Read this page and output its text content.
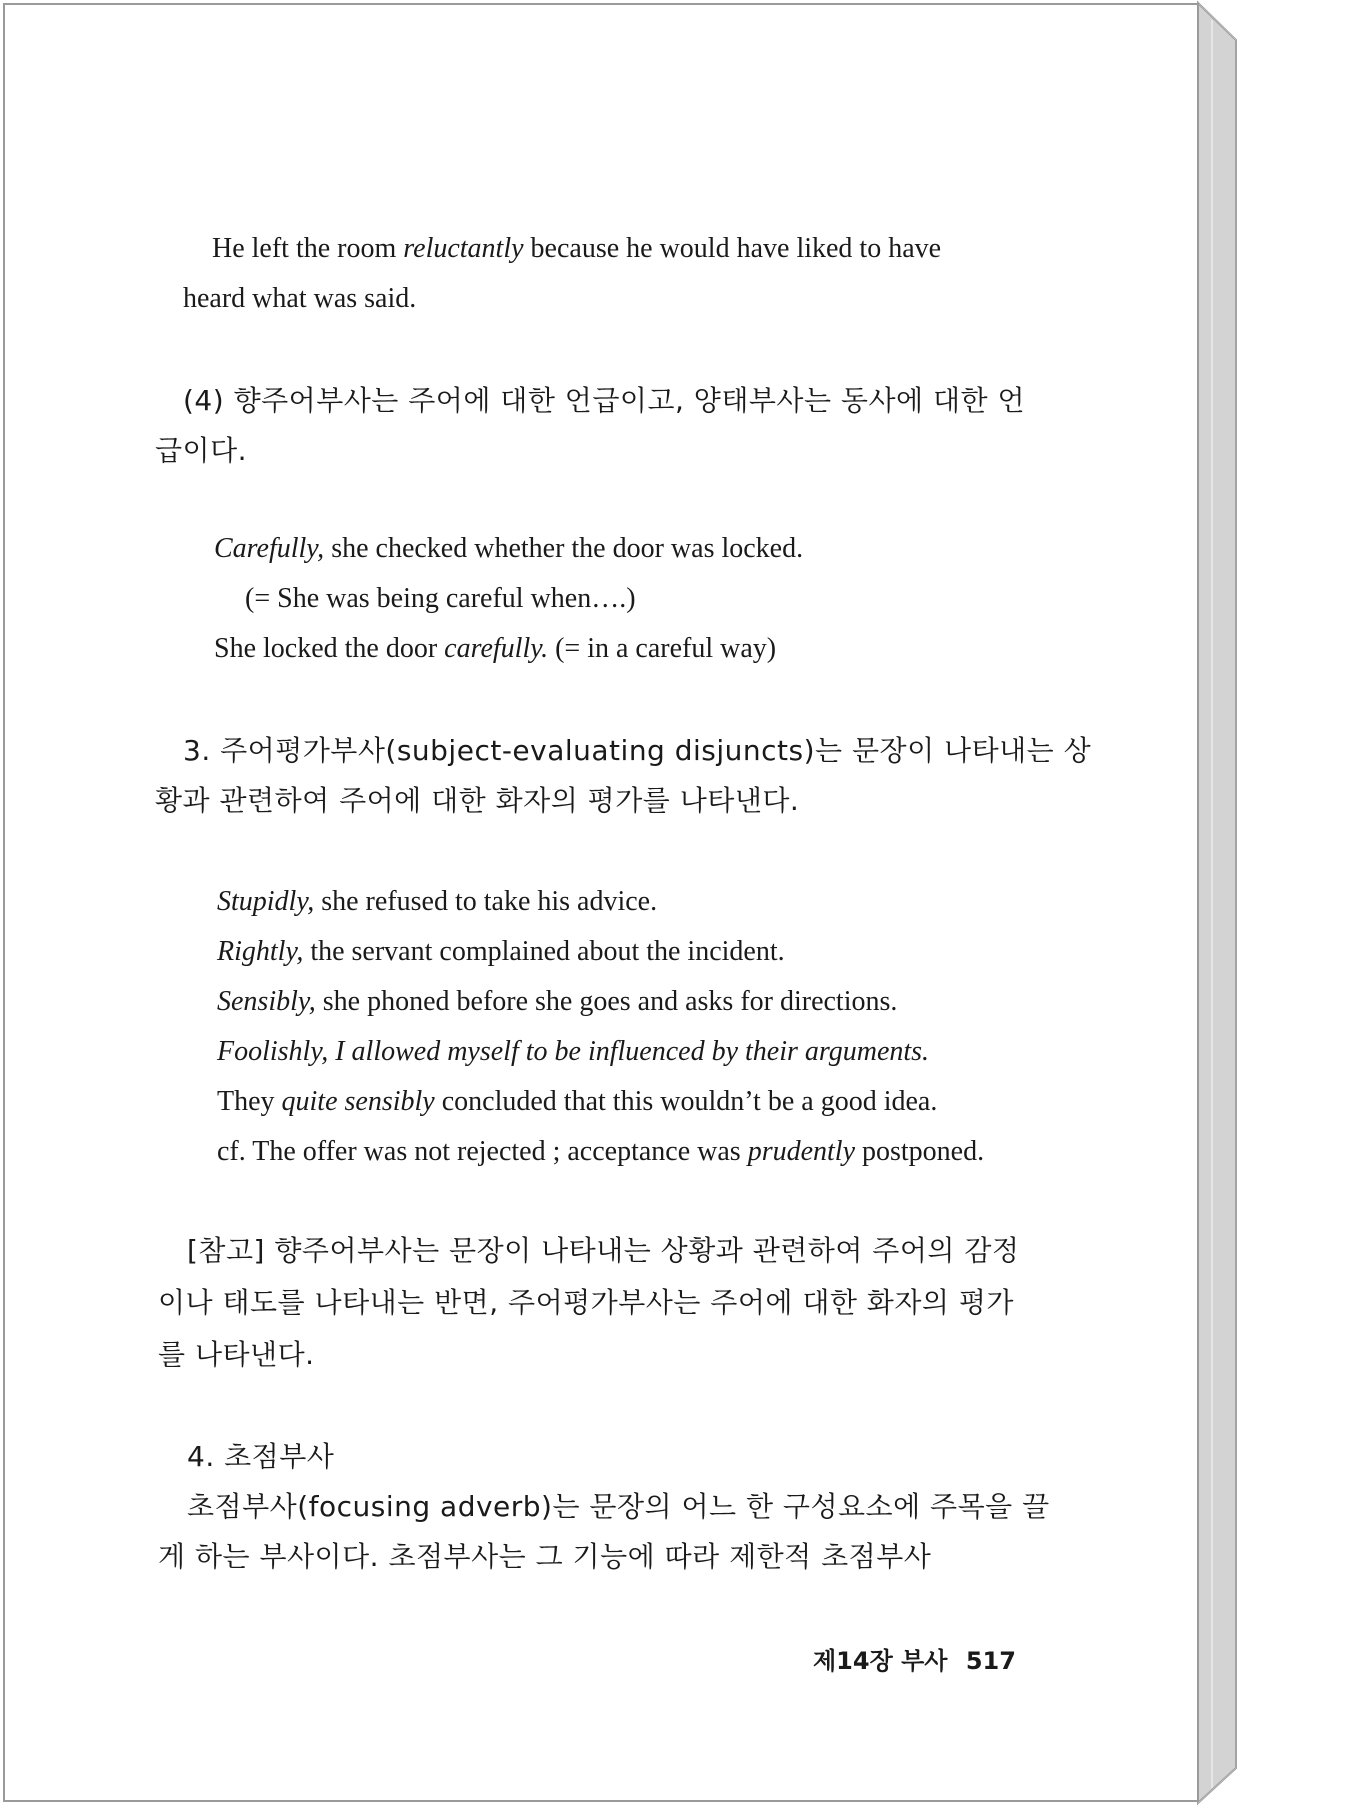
He left the room reluctantly because he would have liked to have
heard what was said.
(4) 향주어부사는 주어에 대한 언급이고, 양태부사는 동사에 대한 언
급이다.
Carefully, she checked whether the door was locked.
(= She was being careful when….)
She locked the door carefully. (= in a careful way)
3. 주어평가부사(subject-evaluating disjuncts)는 문장이 나타내는 상
황과 관련하여 주어에 대한 화자의 평가를 나타낸다.
Stupidly, she refused to take his advice.
Rightly, the servant complained about the incident.
Sensibly, she phoned before she goes and asks for directions.
Foolishly, I allowed myself to be influenced by their arguments.
They quite sensibly concluded that this wouldn’t be a good idea.
cf. The offer was not rejected ; acceptance was prudently postponed.
[참고] 향주어부사는 문장이 나타내는 상황과 관련하여 주어의 감정
이나 태도를 나타내는 반면, 주어평가부사는 주어에 대한 화자의 평가
를 나타낸다.
4. 초점부사
초점부사(focusing adverb)는 문장의 어느 한 구성요소에 주목을 끌
게 하는 부사이다. 초점부사는 그 기능에 따라 제한적 초점부사
제14장 부사 517
